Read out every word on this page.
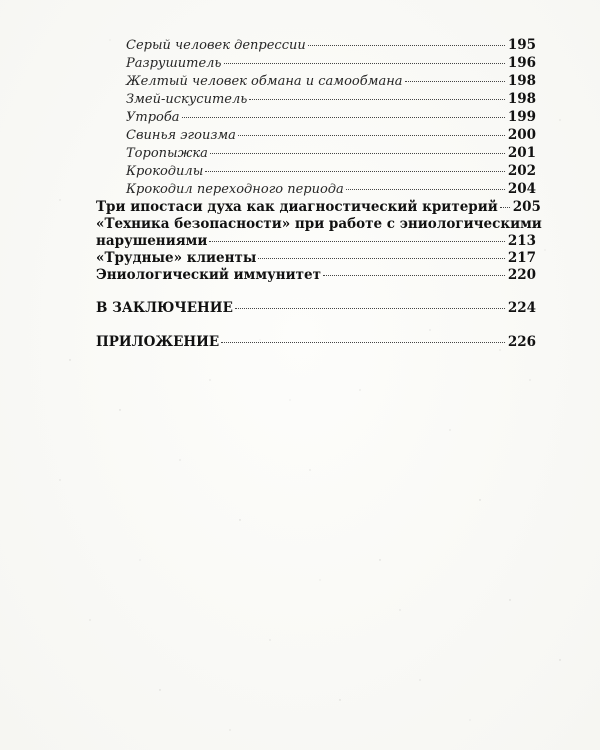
Серый человек депрессии	195
Разрушитель	196
Желтый человек обмана и самообмана	198
Змей-искуситель	198
Утроба	199
Свинья эгоизма	200
Торопыжка	201
Крокодилы	202
Крокодил переходного периода	204
Три ипостаси духа как диагностический критерий 205
«Техника безопасности» при работе с эниологическими
нарушениями	213
«Трудные» клиенты	217
Эниологический иммунитет	220
В ЗАКЛЮЧЕНИЕ	224
ПРИЛОЖЕНИЕ	226
